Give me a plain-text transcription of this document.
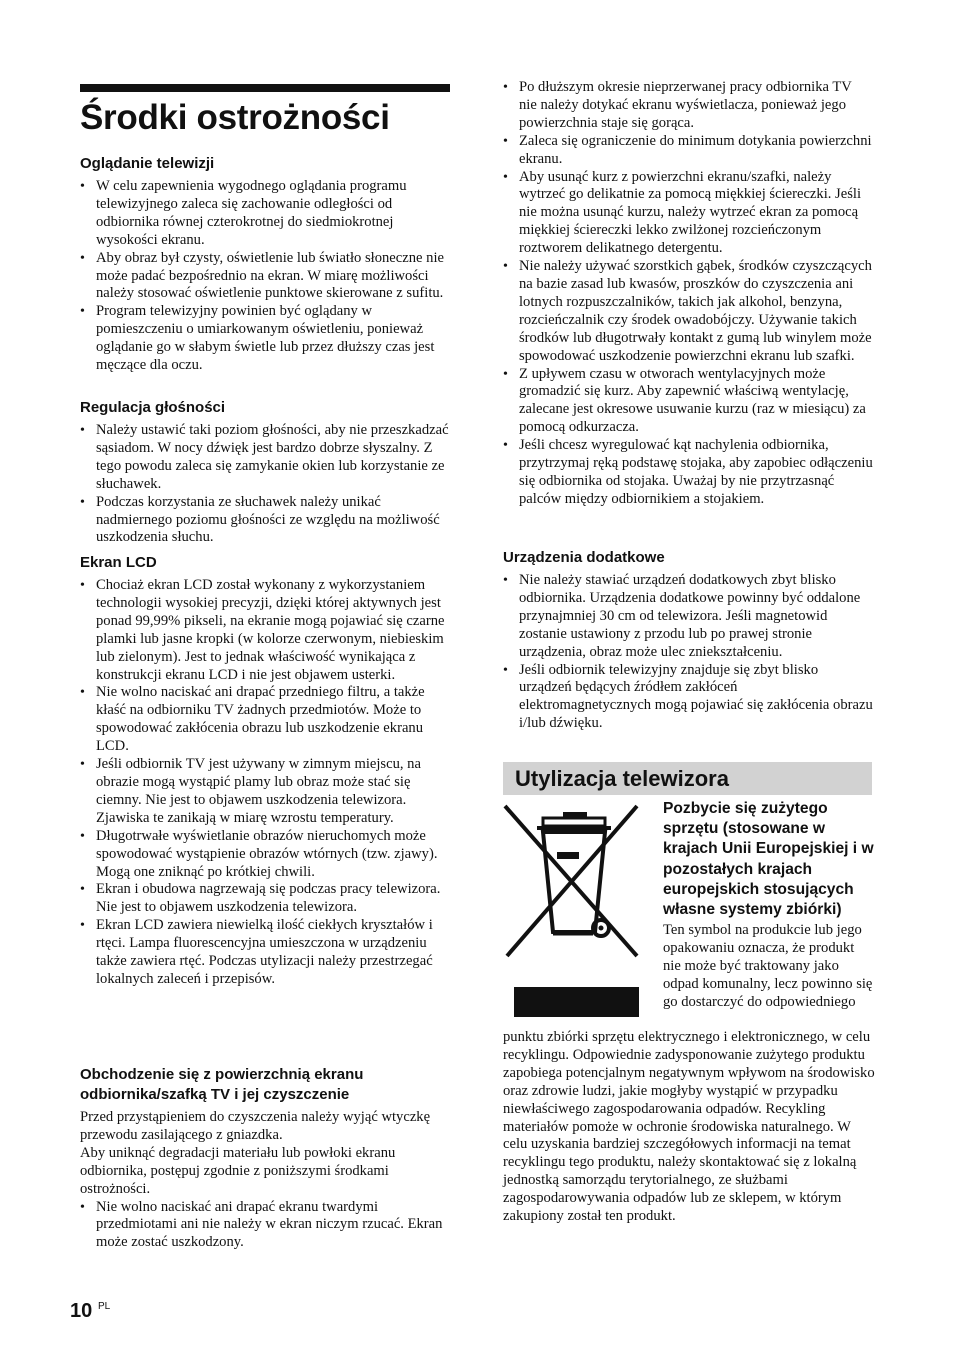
Środki ostrożności
Oglądanie telewizji
• W celu zapewnienia wygodnego oglądania programu telewizyjnego zaleca się zachowanie odległości od odbiornika równej czterokrotnej do siedmiokrotnej wysokości ekranu.
• Aby obraz był czysty, oświetlenie lub światło słoneczne nie może padać bezpośrednio na ekran. W miarę możliwości należy stosować oświetlenie punktowe skierowane z sufitu.
• Program telewizyjny powinien być oglądany w pomieszczeniu o umiarkowanym oświetleniu, ponieważ oglądanie go w słabym świetle lub przez dłuższy czas jest męczące dla oczu.
Regulacja głośności
• Należy ustawić taki poziom głośności, aby nie przeszkadzać sąsiadom. W nocy dźwięk jest bardzo dobrze słyszalny. Z tego powodu zaleca się zamykanie okien lub korzystanie ze słuchawek.
• Podczas korzystania ze słuchawek należy unikać nadmiernego poziomu głośności ze względu na możliwość uszkodzenia słuchu.
Ekran LCD
• Chociaż ekran LCD został wykonany z wykorzystaniem technologii wysokiej precyzji, dzięki której aktywnych jest ponad 99,99% pikseli, na ekranie mogą pojawiać się czarne plamki lub jasne kropki (w kolorze czerwonym, niebieskim lub zielonym). Jest to jednak właściwość wynikająca z konstrukcji ekranu LCD i nie jest objawem usterki.
• Nie wolno naciskać ani drapać przedniego filtru, a także kłaść na odbiorniku TV żadnych przedmiotów. Może to spowodować zakłócenia obrazu lub uszkodzenie ekranu LCD.
• Jeśli odbiornik TV jest używany w zimnym miejscu, na obrazie mogą wystąpić plamy lub obraz może stać się ciemny. Nie jest to objawem uszkodzenia telewizora. Zjawiska te zanikają w miarę wzrostu temperatury.
• Długotrwałe wyświetlanie obrazów nieruchomych może spowodować wystąpienie obrazów wtórnych (tzw. zjawy). Mogą one zniknąć po krótkiej chwili.
• Ekran i obudowa nagrzewają się podczas pracy telewizora. Nie jest to objawem uszkodzenia telewizora.
• Ekran LCD zawiera niewielką ilość ciekłych kryształów i rtęci. Lampa fluorescencyjna umieszczona w urządzeniu także zawiera rtęć. Podczas utylizacji należy przestrzegać lokalnych zaleceń i przepisów.
Obchodzenie się z powierzchnią ekranu odbiornika/szafką TV i jej czyszczenie

Przed przystąpieniem do czyszczenia należy wyjąć wtyczkę przewodu zasilającego z gniazdka.

Aby uniknąć degradacji materiału lub powłoki ekranu odbiornika, postępuj zgodnie z poniższymi środkami ostrożności.

• Nie wolno naciskać ani drapać ekranu twardymi przedmiotami ani nie należy w ekran niczym rzucać. Ekran może zostać uszkodzony.
• Po dłuższym okresie nieprzerwanej pracy odbiornika TV nie należy dotykać ekranu wyświetlacza, ponieważ jego powierzchnia staje się gorąca.
• Zaleca się ograniczenie do minimum dotykania powierzchni ekranu.
• Aby usunąć kurz z powierzchni ekranu/szafki, należy wytrzeć go delikatnie za pomocą miękkiej ściereczki. Jeśli nie można usunąć kurzu, należy wytrzeć ekran za pomocą miękkiej ściereczki lekko zwilżonej rozcieńczonym roztworem delikatnego detergentu.
• Nie należy używać szorstkich gąbek, środków czyszczących na bazie zasad lub kwasów, proszków do czyszczenia ani lotnych rozpuszczalników, takich jak alkohol, benzyna, rozcieńczalnik czy środek owadobójczy. Używanie takich środków lub długotrwały kontakt z gumą lub winylem może spowodować uszkodzenie powierzchni ekranu lub szafki.
• Z upływem czasu w otworach wentylacyjnych może gromadzić się kurz. Aby zapewnić właściwą wentylację, zalecane jest okresowe usuwanie kurzu (raz w miesiącu) za pomocą odkurzacza.
• Jeśli chcesz wyregulować kąt nachylenia odbiornika, przytrzymaj ręką podstawę stojaka, aby zapobiec odłączeniu się odbiornika od stojaka. Uważaj by nie przytrzasnąć palców między odbiornikiem a stojakiem.
Urządzenia dodatkowe
• Nie należy stawiać urządzeń dodatkowych zbyt blisko odbiornika. Urządzenia dodatkowe powinny być oddalone przynajmniej 30 cm od telewizora. Jeśli magnetowid zostanie ustawiony z przodu lub po prawej stronie urządzenia, obraz może ulec zniekształceniu.
• Jeśli odbiornik telewizyjny znajduje się zbyt blisko urządzeń będących źródłem zakłóceń elektromagnetycznych mogą pojawiać się zakłócenia obrazu i/lub dźwięku.
Utylizacja telewizora

Pozbycie się zużytego sprzętu (stosowane w krajach Unii Europejskiej i w pozostałych krajach europejskich stosujących własne systemy zbiórki)

Ten symbol na produkcie lub jego opakowaniu oznacza, że produkt nie może być traktowany jako odpad komunalny, lecz powinno się go dostarczyć do odpowiedniego

punktu zbiórki sprzętu elektrycznego i elektronicznego, w celu recyklingu. Odpowiednie zadysponowanie zużytego produktu zapobiega potencjalnym negatywnym wpływom na środowisko oraz zdrowie ludzi, jakie mogłyby wystąpić w przypadku niewłaściwego zagospodarowania odpadów. Recykling materiałów pomoże w ochronie środowiska naturalnego. W celu uzyskania bardziej szczegółowych informacji na temat recyklingu tego produktu, należy skontaktować się z lokalną jednostką samorządu terytorialnego, ze służbami zagospodarowywania odpadów lub ze sklepem, w którym zakupiony został ten produkt.

10 PL
